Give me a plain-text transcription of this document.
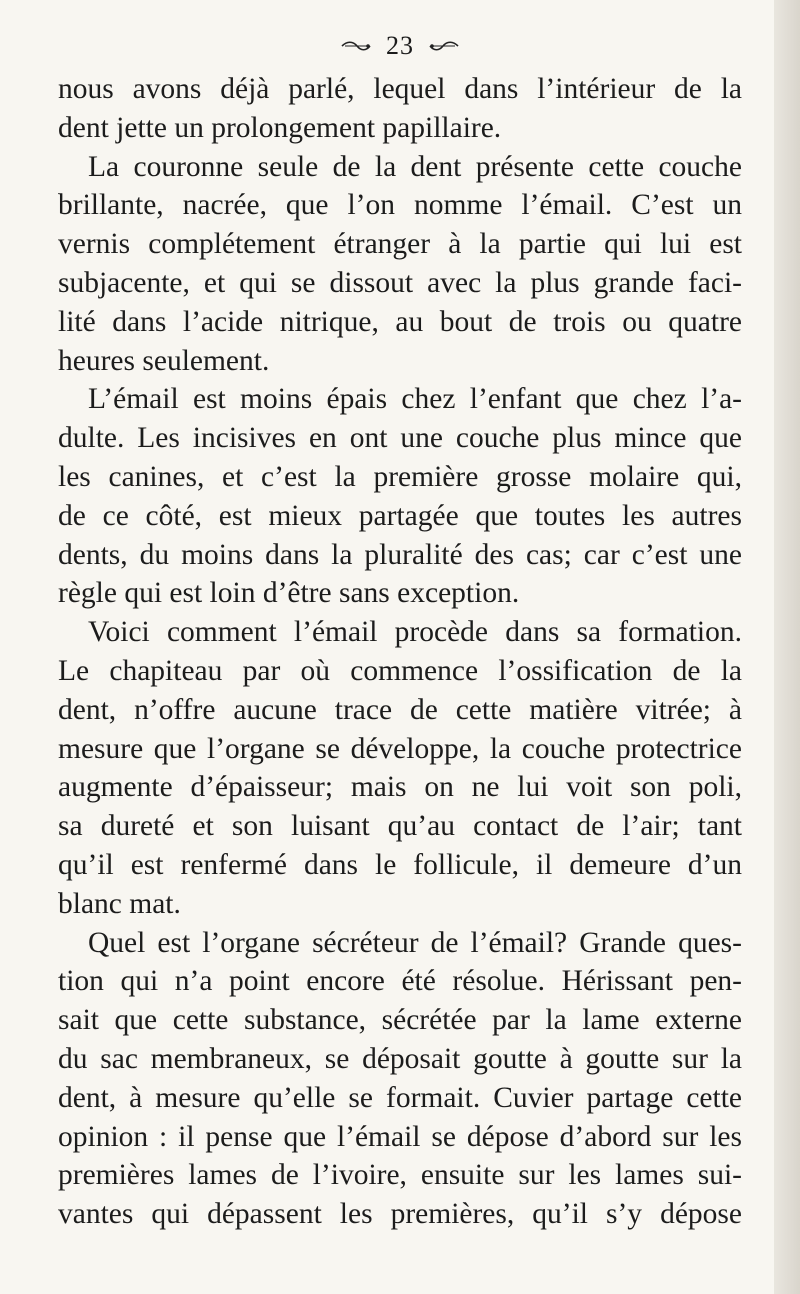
23
nous avons déjà parlé, lequel dans l’intérieur de la
dent jette un prolongement papillaire.
La couronne seule de la dent présente cette couche
brillante, nacrée, que l’on nomme l’émail. C’est un
vernis complétement étranger à la partie qui lui est
subjacente, et qui se dissout avec la plus grande faci-
lité dans l’acide nitrique, au bout de trois ou quatre
heures seulement.
L’émail est moins épais chez l’enfant que chez l’a-
dulte. Les incisives en ont une couche plus mince que
les canines, et c’est la première grosse molaire qui,
de ce côté, est mieux partagée que toutes les autres
dents, du moins dans la pluralité des cas; car c’est une
règle qui est loin d’être sans exception.
Voici comment l’émail procède dans sa formation.
Le chapiteau par où commence l’ossification de la
dent, n’offre aucune trace de cette matière vitrée; à
mesure que l’organe se développe, la couche protectrice
augmente d’épaisseur; mais on ne lui voit son poli,
sa dureté et son luisant qu’au contact de l’air; tant
qu’il est renfermé dans le follicule, il demeure d’un
blanc mat.
Quel est l’organe sécréteur de l’émail? Grande ques-
tion qui n’a point encore été résolue. Hérissant pen-
sait que cette substance, sécrétée par la lame externe
du sac membraneux, se déposait goutte à goutte sur la
dent, à mesure qu’elle se formait. Cuvier partage cette
opinion : il pense que l’émail se dépose d’abord sur les
premières lames de l’ivoire, ensuite sur les lames sui-
vantes qui dépassent les premières, qu’il s’y dépose
